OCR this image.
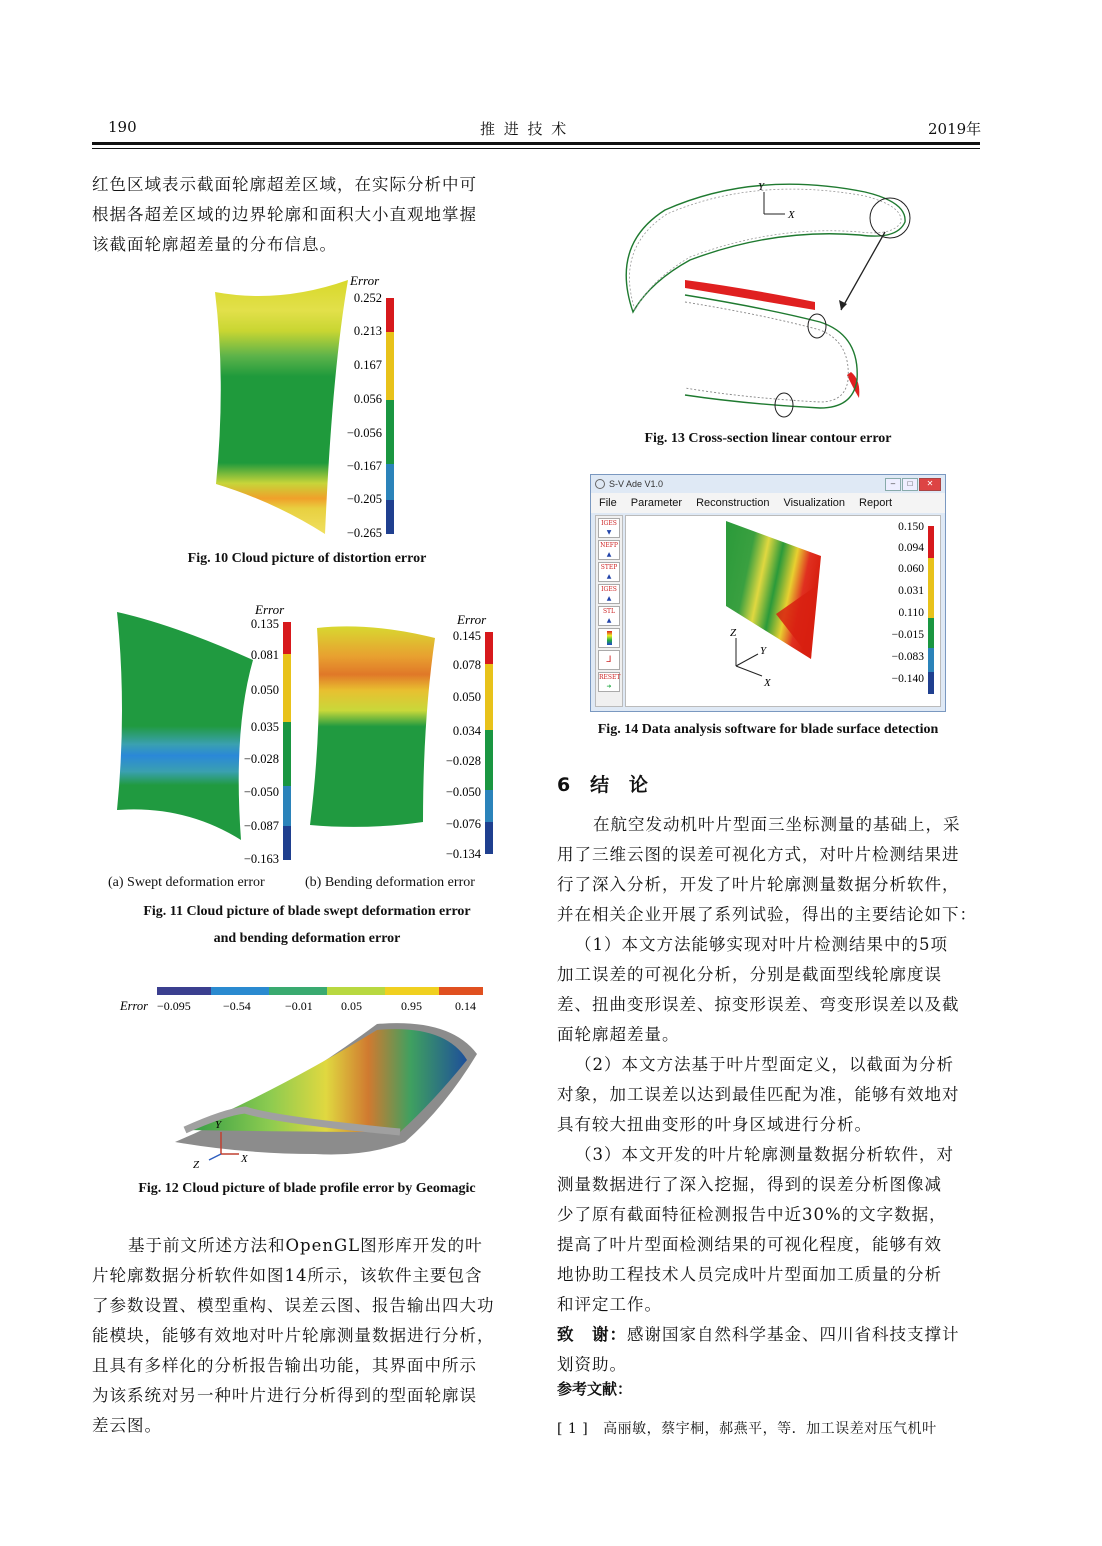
190	推 进 技 术	2019年

红色区域表示截面轮廓超差区域，在实际分析中可

根据各超差区域的边界轮廓和面积大小直观地掌握

该截面轮廓超差量的分布信息。

Error
0.252
0.213
0.167
0.056
−0.056
−0.167
−0.205
−0.265
Fig. 10 Cloud picture of distortion error
Error
0.135
0.081
0.050
0.035
−0.028
−0.050
−0.087
−0.163
Error
0.145
0.078
0.050
0.034
−0.028
−0.050
−0.076
−0.134
(a) Swept deformation error	(b) Bending deformation error
Fig. 11 Cloud picture of blade swept deformation error
and bending deformation error
Error −0.095	−0.54	−0.01 0.05	0.95	0.14
Y
X
Z
Fig. 12 Cloud picture of blade profile error by Geomagic

基于前文所述方法和OpenGL图形库开发的叶

片轮廓数据分析软件如图14所示，该软件主要包含

了参数设置、模型重构、误差云图、报告输出四大功

能模块，能够有效地对叶片轮廓测量数据进行分析，

且具有多样化的分析报告输出功能，其界面中所示

为该系统对另一种叶片进行分析得到的型面轮廓误

差云图。

Y
X
Fig. 13 Cross-section linear contour error
S-V Ade V1.0	–	□	✕
File Parameter Reconstruction Visualization Report
IGES
▼
NEFP
▲
STEP
▲
IGES
▲
STL
▲
⅃
RESET
➜
Z
Y
X
0.150
0.094
0.060
0.031
0.110
−0.015
−0.083
−0.140
Fig. 14 Data analysis software for blade surface detection
6   结   论

在航空发动机叶片型面三坐标测量的基础上，采

用了三维云图的误差可视化方式，对叶片检测结果进

行了深入分析，开发了叶片轮廓测量数据分析软件，

并在相关企业开展了系列试验，得出的主要结论如下：

（1）本文方法能够实现对叶片检测结果中的5项

加工误差的可视化分析，分别是截面型线轮廓度误

差、扭曲变形误差、掠变形误差、弯变形误差以及截

面轮廓超差量。

（2）本文方法基于叶片型面定义，以截面为分析

对象，加工误差以达到最佳匹配为准，能够有效地对

具有较大扭曲变形的叶身区域进行分析。

（3）本文开发的叶片轮廓测量数据分析软件，对

测量数据进行了深入挖掘，得到的误差分析图像减

少了原有截面特征检测报告中近30%的文字数据，

提高了叶片型面检测结果的可视化程度，能够有效

地协助工程技术人员完成叶片型面加工质量的分析

和评定工作。

致　谢：感谢国家自然科学基金、四川省科技支撑计

划资助。

参考文献：
[ 1 ]   高丽敏，蔡宇桐，郝燕平，等．加工误差对压气机叶
